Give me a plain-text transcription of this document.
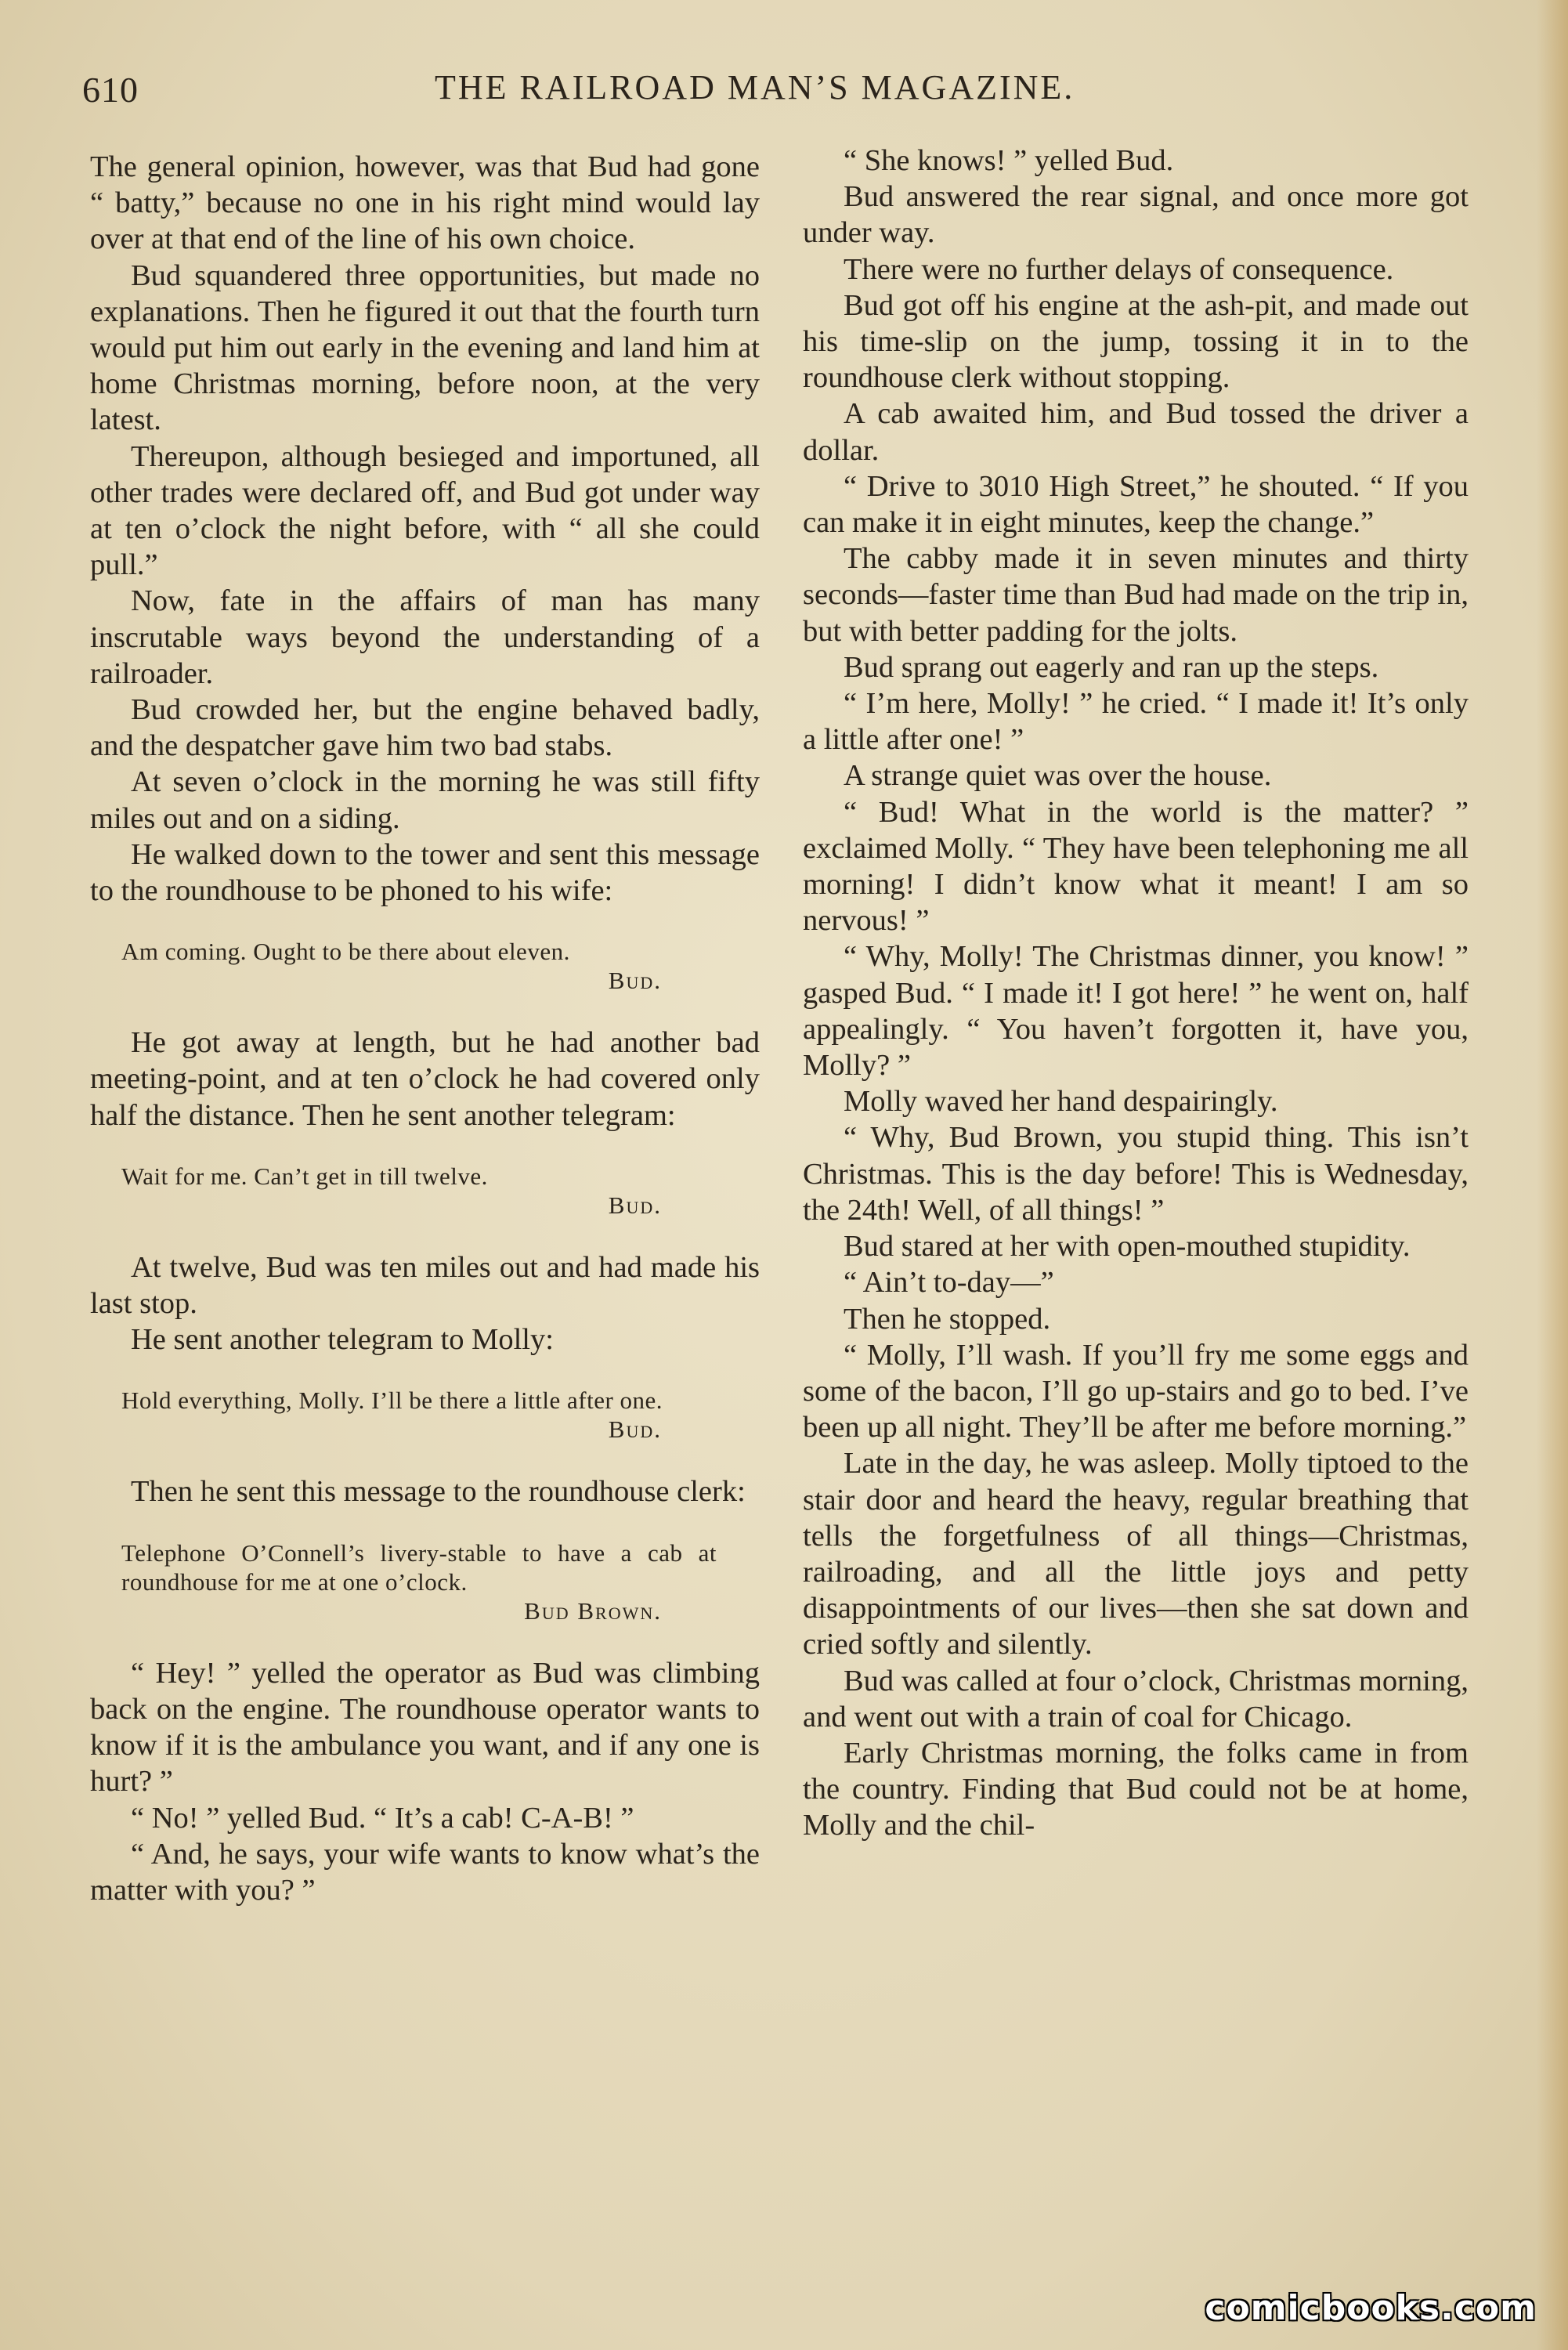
610	THE RAILROAD MAN’S MAGAZINE.

The general opinion, however, was that Bud had gone “ batty,” because no one in his right mind would lay over at that end of the line of his own choice.

Bud squandered three opportunities, but made no explanations. Then he figured it out that the fourth turn would put him out early in the evening and land him at home Christmas morning, before noon, at the very latest.

Thereupon, although besieged and importuned, all other trades were declared off, and Bud got under way at ten o’clock the night before, with “ all she could pull.”

Now, fate in the affairs of man has many inscrutable ways beyond the understanding of a railroader.

Bud crowded her, but the engine behaved badly, and the despatcher gave him two bad stabs.

At seven o’clock in the morning he was still fifty miles out and on a siding.

He walked down to the tower and sent this message to the roundhouse to be phoned to his wife:

Am coming. Ought to be there about eleven.
Bud.

He got away at length, but he had another bad meeting-point, and at ten o’clock he had covered only half the distance. Then he sent another telegram:

Wait for me. Can’t get in till twelve.
Bud.

At twelve, Bud was ten miles out and had made his last stop.

He sent another telegram to Molly:

Hold everything, Molly. I’ll be there a little after one.
Bud.

Then he sent this message to the roundhouse clerk:

Telephone O’Connell’s livery-stable to have a cab at roundhouse for me at one o’clock.
Bud Brown.

“ Hey! ” yelled the operator as Bud was climbing back on the engine. The roundhouse operator wants to know if it is the ambulance you want, and if any one is hurt? ”

“ No! ” yelled Bud. “ It’s a cab! C-A-B! ”

“ And, he says, your wife wants to know what’s the matter with you? ”

“ She knows! ” yelled Bud.

Bud answered the rear signal, and once more got under way.

There were no further delays of consequence.

Bud got off his engine at the ash-pit, and made out his time-slip on the jump, tossing it in to the roundhouse clerk without stopping.

A cab awaited him, and Bud tossed the driver a dollar.

“ Drive to 3010 High Street,” he shouted. “ If you can make it in eight minutes, keep the change.”

The cabby made it in seven minutes and thirty seconds—faster time than Bud had made on the trip in, but with better padding for the jolts.

Bud sprang out eagerly and ran up the steps.

“ I’m here, Molly! ” he cried. “ I made it! It’s only a little after one! ”

A strange quiet was over the house.

“ Bud! What in the world is the matter? ” exclaimed Molly. “ They have been telephoning me all morning! I didn’t know what it meant! I am so nervous! ”

“ Why, Molly! The Christmas dinner, you know! ” gasped Bud. “ I made it! I got here! ” he went on, half appealingly. “ You haven’t forgotten it, have you, Molly? ”

Molly waved her hand despairingly.

“ Why, Bud Brown, you stupid thing. This isn’t Christmas. This is the day before! This is Wednesday, the 24th! Well, of all things! ”

Bud stared at her with open-mouthed stupidity.

“ Ain’t to-day—”

Then he stopped.

“ Molly, I’ll wash. If you’ll fry me some eggs and some of the bacon, I’ll go up-stairs and go to bed. I’ve been up all night. They’ll be after me before morning.”

Late in the day, he was asleep. Molly tiptoed to the stair door and heard the heavy, regular breathing that tells the forgetfulness of all things—Christmas, railroading, and all the little joys and petty disappointments of our lives—then she sat down and cried softly and silently.

Bud was called at four o’clock, Christmas morning, and went out with a train of coal for Chicago.

Early Christmas morning, the folks came in from the country. Finding that Bud could not be at home, Molly and the chil-

comicbooks.com
